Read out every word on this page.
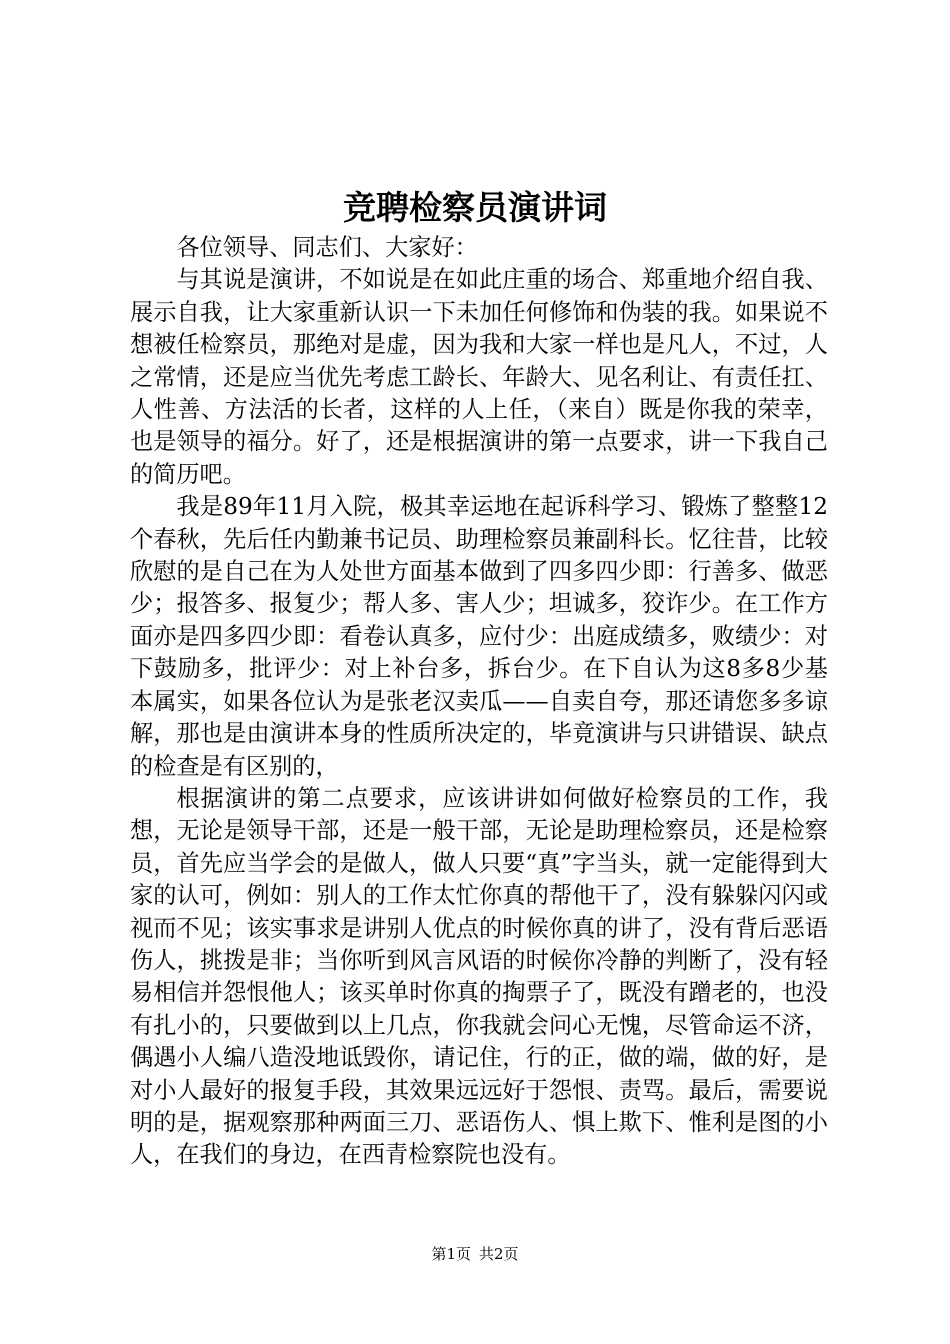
竞聘检察员演讲词

各位领导、同志们、大家好：

与其说是演讲，不如说是在如此庄重的场合、郑重地介绍自我、展示自我，让大家重新认识一下未加任何修饰和伪装的我。如果说不想被任检察员，那绝对是虚，因为我和大家一样也是凡人，不过，人之常情，还是应当优先考虑工龄长、年龄大、见名利让、有责任扛、人性善、方法活的长者，这样的人上任，（来自）既是你我的荣幸，也是领导的福分。好了，还是根据演讲的第一点要求，讲一下我自己的简历吧。

我是89年11月入院，极其幸运地在起诉科学习、锻炼了整整12个春秋，先后任内勤兼书记员、助理检察员兼副科长。忆往昔，比较欣慰的是自己在为人处世方面基本做到了四多四少即：行善多、做恶少；报答多、报复少；帮人多、害人少；坦诚多，狡诈少。在工作方面亦是四多四少即：看卷认真多，应付少：出庭成绩多，败绩少：对下鼓励多，批评少：对上补台多，拆台少。在下自认为这8多8少基本属实，如果各位认为是张老汉卖瓜——自卖自夸，那还请您多多谅解，那也是由演讲本身的性质所决定的，毕竟演讲与只讲错误、缺点的检查是有区别的，

根据演讲的第二点要求，应该讲讲如何做好检察员的工作，我想，无论是领导干部，还是一般干部，无论是助理检察员，还是检察员，首先应当学会的是做人，做人只要“真”字当头，就一定能得到大家的认可，例如：别人的工作太忙你真的帮他干了，没有躲躲闪闪或视而不见；该实事求是讲别人优点的时候你真的讲了，没有背后恶语伤人，挑拨是非；当你听到风言风语的时候你冷静的判断了，没有轻易相信并怨恨他人；该买单时你真的掏票子了，既没有蹭老的，也没有扎小的，只要做到以上几点，你我就会问心无愧，尽管命运不济，偶遇小人编八造没地诋毁你，请记住，行的正，做的端，做的好，是对小人最好的报复手段，其效果远远好于怨恨、责骂。最后，需要说明的是，据观察那种两面三刀、恶语伤人、惧上欺下、惟利是图的小人，在我们的身边，在西青检察院也没有。

第1页 共2页
